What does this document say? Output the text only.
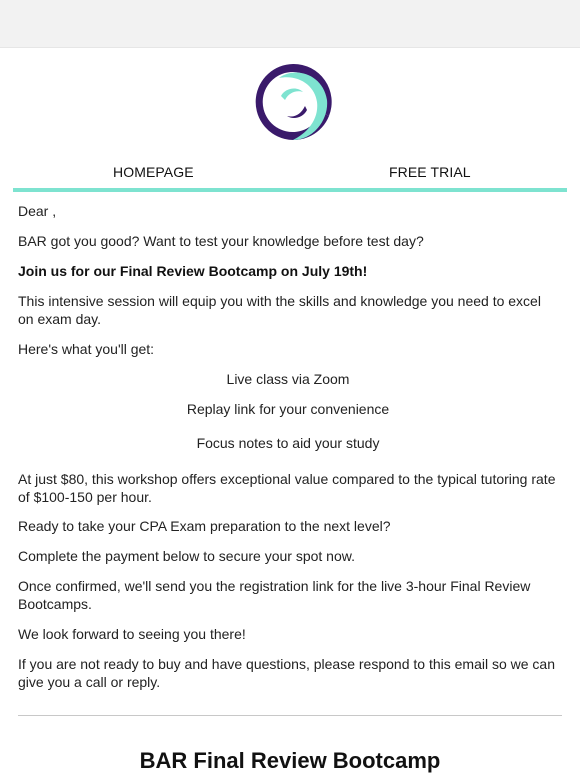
HOMEPAGE	FREE TRIAL

Dear ,

BAR got you good? Want to test your knowledge before test day?

Join us for our Final Review Bootcamp on July 19th!

This intensive session will equip you with the skills and knowledge you need to excel on exam day.

Here's what you'll get:

Live class via Zoom

Replay link for your convenience

Focus notes to aid your study

At just $80, this workshop offers exceptional value compared to the typical tutoring rate of $100-150 per hour.

Ready to take your CPA Exam preparation to the next level?

Complete the payment below to secure your spot now.

Once confirmed, we'll send you the registration link for the live 3-hour Final Review Bootcamps.

We look forward to seeing you there!

If you are not ready to buy and have questions, please respond to this email so we can give you a call or reply.

BAR Final Review Bootcamp
